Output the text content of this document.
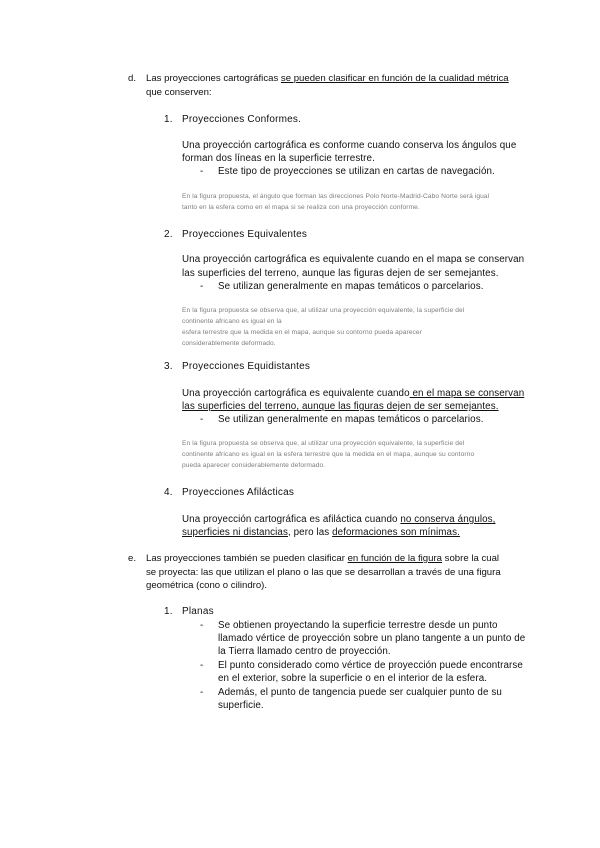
d. Las proyecciones cartográficas se pueden clasificar en función de la cualidad métrica
que conserven:
1. Proyecciones Conformes.
Una proyección cartográfica es conforme cuando conserva los ángulos que
forman dos líneas en la superficie terrestre.
- Este tipo de proyecciones se utilizan en cartas de navegación.
En la figura propuesta, el ángulo que forman las direcciones Polo Norte-Madrid-Cabo Norte será igual
tanto en la esfera como en el mapa si se realiza con una proyección conforme.
2. Proyecciones Equivalentes
Una proyección cartográfica es equivalente cuando en el mapa se conservan
las superficies del terreno, aunque las figuras dejen de ser semejantes.
- Se utilizan generalmente en mapas temáticos o parcelarios.
En la figura propuesta se observa que, al utilizar una proyección equivalente, la superficie del
continente africano es igual en la
esfera terrestre que la medida en el mapa, aunque su contorno pueda aparecer
considerablemente deformado.
3. Proyecciones Equidistantes
Una proyección cartográfica es equivalente cuando en el mapa se conservan
las superficies del terreno, aunque las figuras dejen de ser semejantes.
- Se utilizan generalmente en mapas temáticos o parcelarios.
En la figura propuesta se observa que, al utilizar una proyección equivalente, la superficie del
continente africano es igual en la esfera terrestre que la medida en el mapa, aunque su contorno
pueda aparecer considerablemente deformado.
4. Proyecciones Afilácticas
Una proyección cartográfica es afiláctica cuando no conserva ángulos,
superficies ni distancias, pero las deformaciones son mínimas.
e. Las proyecciones también se pueden clasificar en función de la figura sobre la cual
se proyecta: las que utilizan el plano o las que se desarrollan a través de una figura
geométrica (cono o cilindro).
1. Planas
- Se obtienen proyectando la superficie terrestre desde un punto
llamado vértice de proyección sobre un plano tangente a un punto de
la Tierra llamado centro de proyección.
- El punto considerado como vértice de proyección puede encontrarse
en el exterior, sobre la superficie o en el interior de la esfera.
- Además, el punto de tangencia puede ser cualquier punto de su
superficie.
